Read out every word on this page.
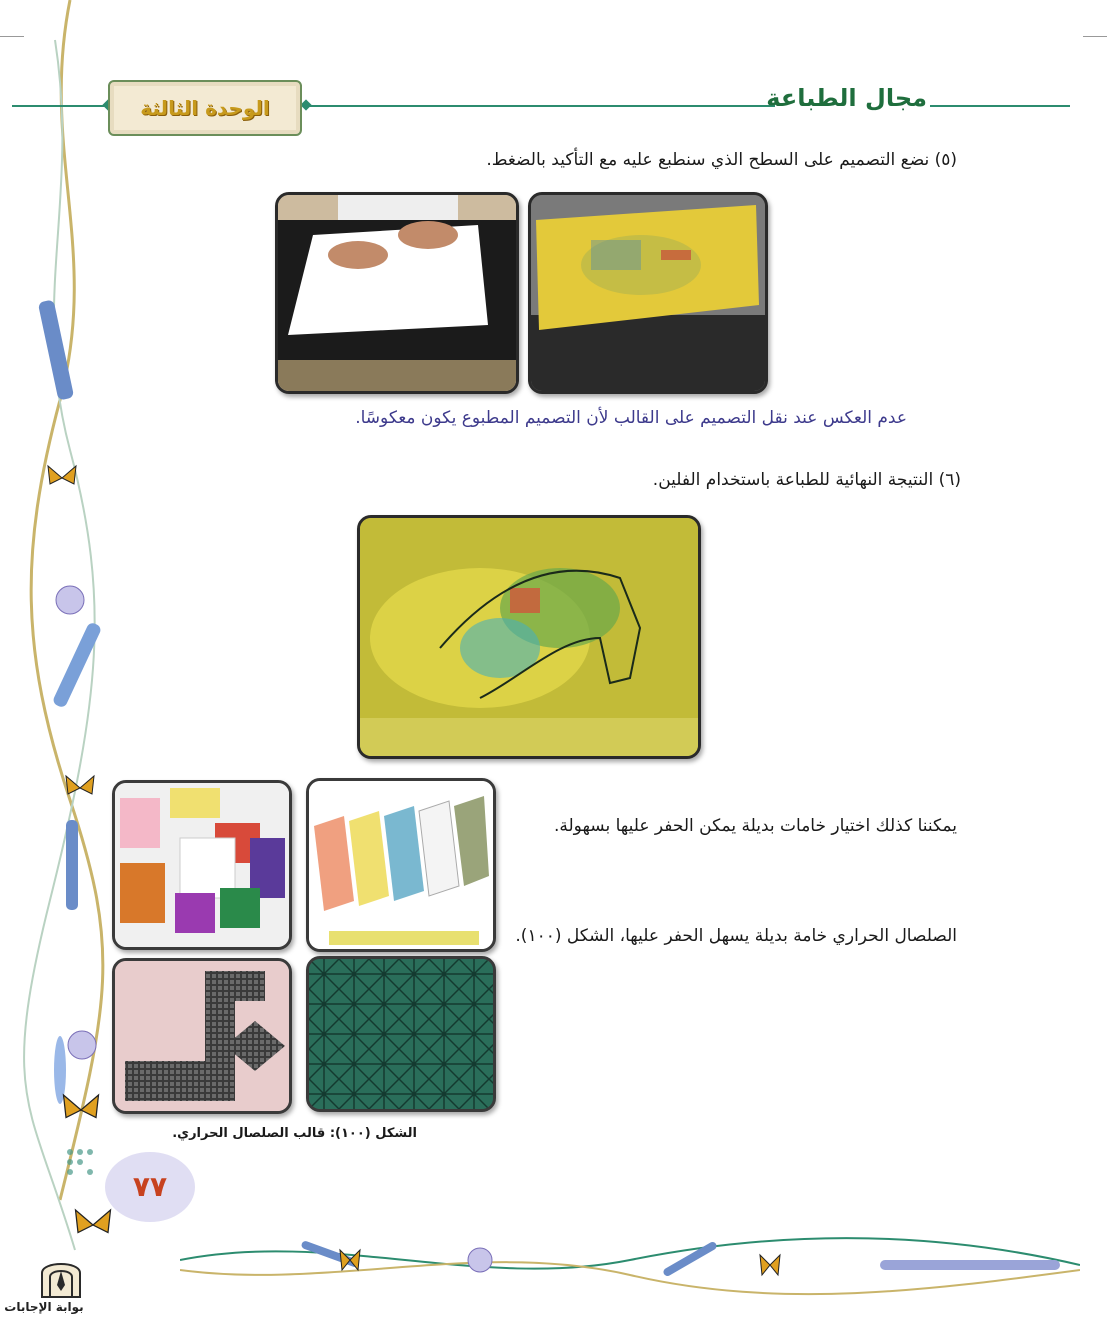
مجال الطباعة
الوحدة الثالثة
(٥) نضع التصميم على السطح الذي سنطبع عليه مع التأكيد بالضغط.
عدم العكس عند نقل التصميم على القالب لأن التصميم المطبوع يكون معكوسًا.
(٦) النتيجة النهائية للطباعة باستخدام الفلين.
يمكننا كذلك اختيار خامات بديلة يمكن الحفر عليها بسهولة.
الصلصال الحراري خامة بديلة يسهل الحفر عليها، الشكل (١٠٠).
الشكل (١٠٠): قالب الصلصال الحراري.
٧٧
بوابة الإجابات
